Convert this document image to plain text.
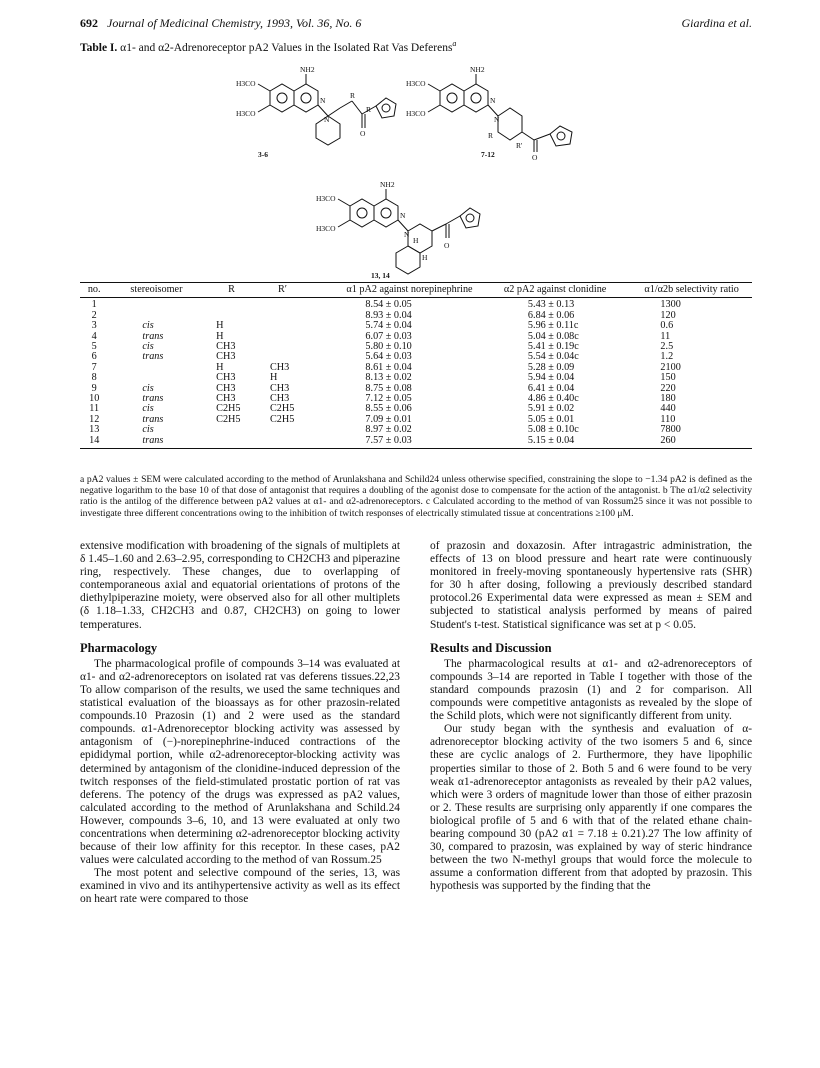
692 Journal of Medicinal Chemistry, 1993, Vol. 36, No. 6	Giardina et al.
Table I. α1- and α2-Adrenoreceptor pA2 Values in the Isolated Rat Vas Deferens$^a$
NH2
H3CO
H3CO
N
N
R
R
O
NH2
H3CO
H3CO
N
N
R
R'
O
NH2
H3CO
H3CO
N
N
H
H
O
3-6	7-12
13, 14
no.	stereoisomer	R	R′	α1 pA2 against norepinephrine	α2 pA2 against clonidine	α1/α2b selectivity ratio
1				8.54 ± 0.05	5.43 ± 0.13	1300
2				8.93 ± 0.04	6.84 ± 0.06	120
3	cis	H		5.74 ± 0.04	5.96 ± 0.11c	0.6
4	trans	H		6.07 ± 0.03	5.04 ± 0.08c	11
5	cis	CH3		5.80 ± 0.10	5.41 ± 0.19c	2.5
6	trans	CH3		5.64 ± 0.03	5.54 ± 0.04c	1.2
7		H	CH3	8.61 ± 0.04	5.28 ± 0.09	2100
8		CH3	H	8.13 ± 0.02	5.94 ± 0.04	150
9	cis	CH3	CH3	8.75 ± 0.08	6.41 ± 0.04	220
10	trans	CH3	CH3	7.12 ± 0.05	4.86 ± 0.40c	180
11	cis	C2H5	C2H5	8.55 ± 0.06	5.91 ± 0.02	440
12	trans	C2H5	C2H5	7.09 ± 0.01	5.05 ± 0.01	110
13	cis			8.97 ± 0.02	5.08 ± 0.10c	7800
14	trans			7.57 ± 0.03	5.15 ± 0.04	260
a pA2 values ± SEM were calculated according to the method of Arunlakshana and Schild24 unless otherwise specified, constraining the slope to −1.34 pA2 is defined as the negative logarithm to the base 10 of that dose of antagonist that requires a doubling of the agonist dose to compensate for the action of the antagonist. b The α1/α2 selectivity ratio is the antilog of the difference between pA2 values at α1- and α2-adrenoreceptors. c Calculated according to the method of van Rossum25 since it was not possible to investigate three different concentrations owing to the inhibition of twitch responses of electrically stimulated tissue at concentrations ≥100 μM.

extensive modification with broadening of the signals of multiplets at δ 1.45–1.60 and 2.63–2.95, corresponding to CH2CH3 and piperazine ring, respectively. These changes, due to overlapping of contemporaneous axial and equatorial orientations of protons of the diethylpiperazine moiety, were observed also for all other multiplets (δ 1.18–1.33, CH2CH3 and 0.87, CH2CH3) on going to lower temperatures.

Pharmacology

The pharmacological profile of compounds 3–14 was evaluated at α1- and α2-adrenoreceptors on isolated rat vas deferens tissues.22,23 To allow comparison of the results, we used the same techniques and statistical evaluation of the bioassays as for other prazosin-related compounds.10 Prazosin (1) and 2 were used as the standard compounds. α1-Adrenoreceptor blocking activity was assessed by antagonism of (−)-norepinephrine-induced contractions of the epididymal portion, while α2-adrenoreceptor-blocking activity was determined by antagonism of the clonidine-induced depression of the twitch responses of the field-stimulated prostatic portion of rat vas deferens. The potency of the drugs was expressed as pA2 values, calculated according to the method of Arunlakshana and Schild.24 However, compounds 3–6, 10, and 13 were evaluated at only two concentrations when determining α2-adrenoreceptor blocking activity because of their low affinity for this receptor. In these cases, pA2 values were calculated according to the method of van Rossum.25

The most potent and selective compound of the series, 13, was examined in vivo and its antihypertensive activity as well as its effect on heart rate were compared to those

of prazosin and doxazosin. After intragastric administration, the effects of 13 on blood pressure and heart rate were continuously monitored in freely-moving spontaneously hypertensive rats (SHR) for 30 h after dosing, following a previously described standard protocol.26 Experimental data were expressed as mean ± SEM and subjected to statistical analysis performed by means of paired Student's t-test. Statistical significance was set at p < 0.05.

Results and Discussion

The pharmacological results at α1- and α2-adrenoreceptors of compounds 3–14 are reported in Table I together with those of the standard compounds prazosin (1) and 2 for comparison. All compounds were competitive antagonists as revealed by the slope of the Schild plots, which were not significantly different from unity.

Our study began with the synthesis and evaluation of α-adrenoreceptor blocking activity of the two isomers 5 and 6, since these are cyclic analogs of 2. Furthermore, they have lipophilic properties similar to those of 2. Both 5 and 6 were found to be very weak α1-adrenoreceptor antagonists as revealed by their pA2 values, which were 3 orders of magnitude lower than those of either prazosin or 2. These results are surprising only apparently if one compares the biological profile of 5 and 6 with that of the related ethane chain-bearing compound 30 (pA2 α1 = 7.18 ± 0.21).27 The low affinity of 30, compared to prazosin, was explained by way of steric hindrance between the two N-methyl groups that would force the molecule to assume a conformation different from that adopted by prazosin. This hypothesis was supported by the finding that the
